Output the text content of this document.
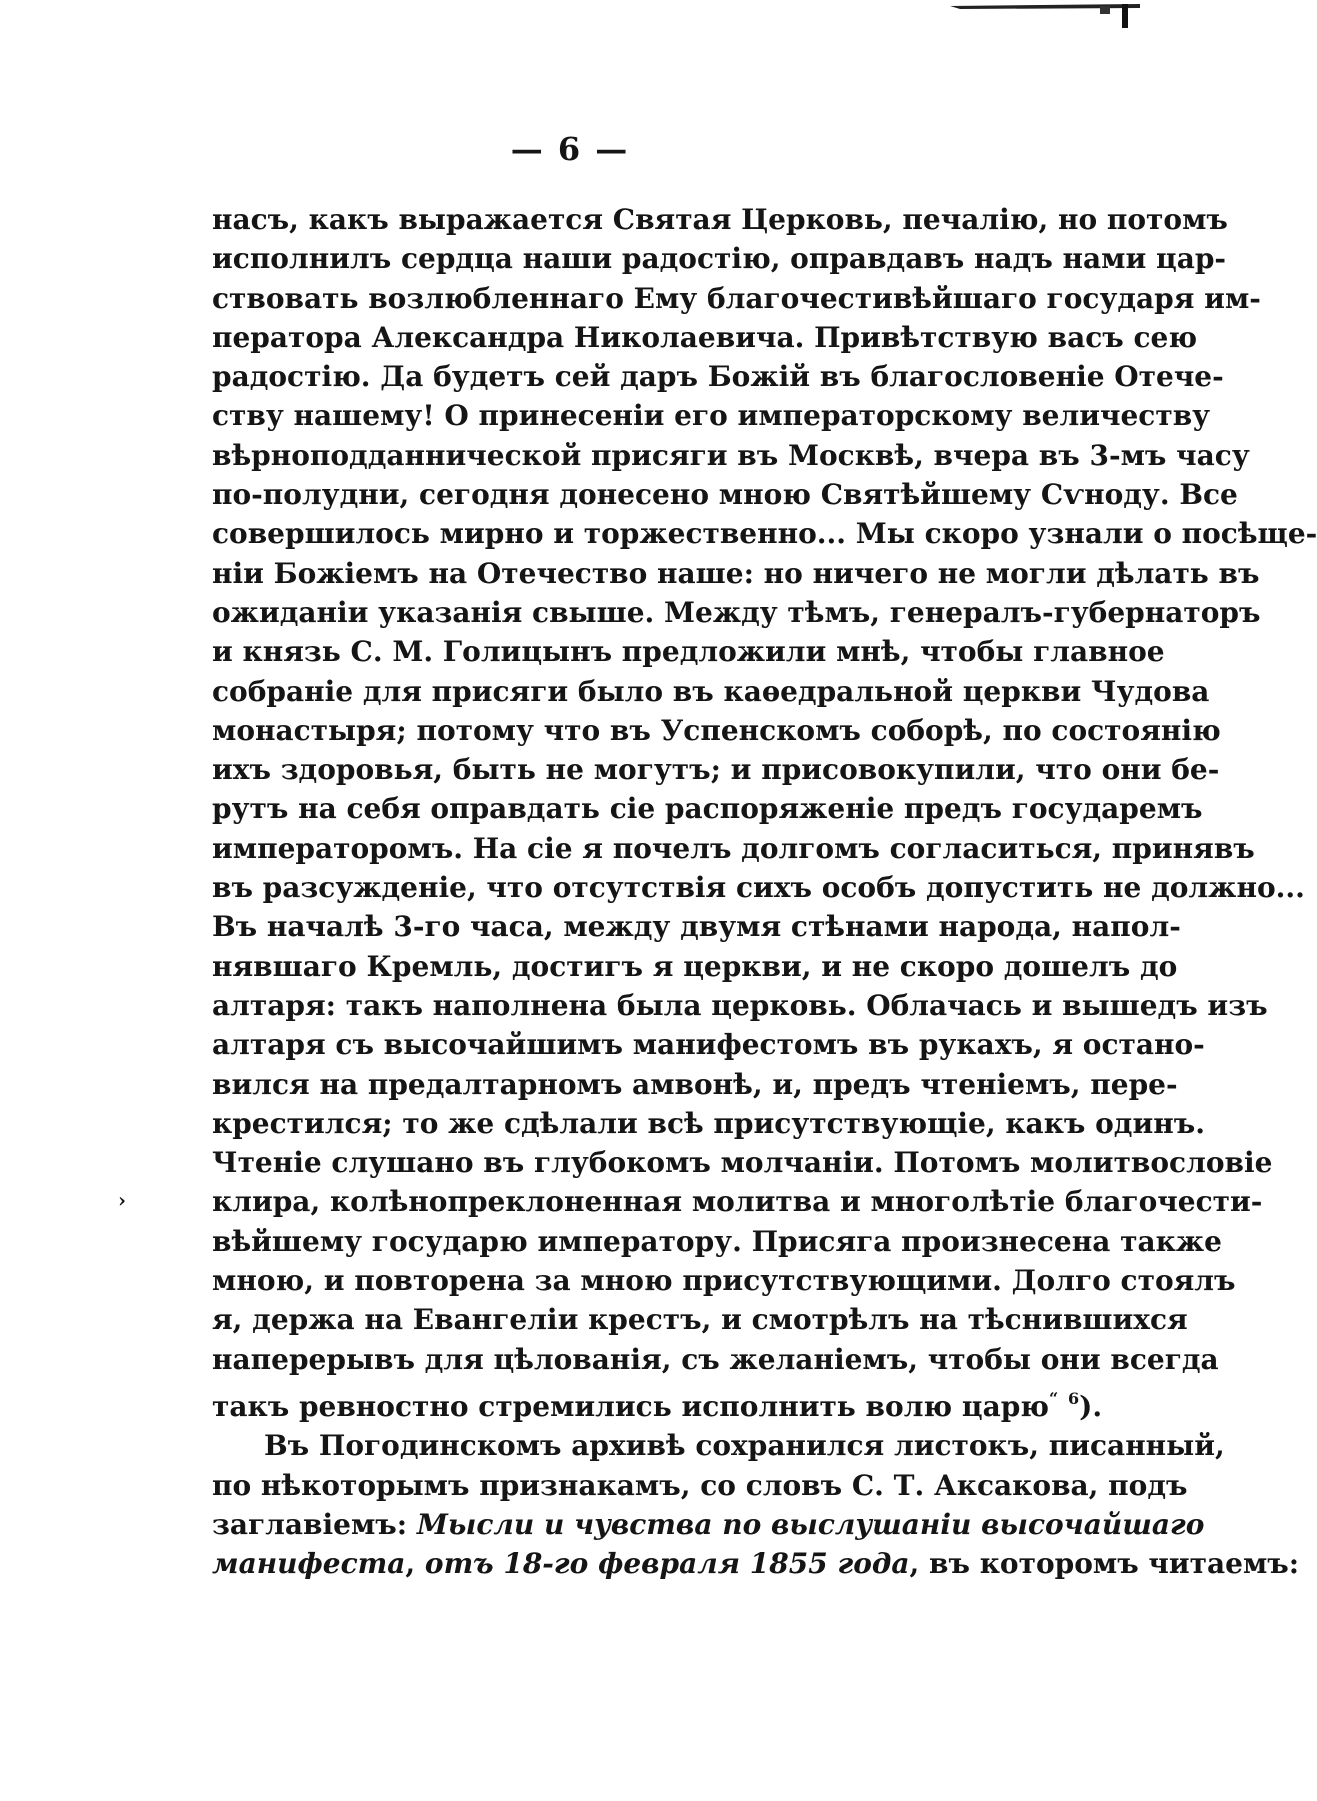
— 6 —
›
насъ, какъ выражается Святая Церковь, печалію, но потомъ
исполнилъ сердца наши радостію, оправдавъ надъ нами цар-
ствовать возлюбленнаго Ему благочестивѣйшаго государя им-
ператора Александра Николаевича. Привѣтствую васъ сею
радостію. Да будетъ сей даръ Божій въ благословеніе Отече-
ству нашему! О принесеніи его императорскому величеству
вѣрноподданнической присяги въ Москвѣ, вчера въ 3-мъ часу
по-полудни, сегодня донесено мною Святѣйшему Сѵноду. Все
совершилось мирно и торжественно... Мы скоро узнали о посѣще-
ніи Божіемъ на Отечество наше: но ничего не могли дѣлать въ
ожиданіи указанія свыше. Между тѣмъ, генералъ-губернаторъ
и князь С. М. Голицынъ предложили мнѣ, чтобы главное
собраніе для присяги было въ каѳедральной церкви Чудова
монастыря; потому что въ Успенскомъ соборѣ, по состоянію
ихъ здоровья, быть не могутъ; и присовокупили, что они бе-
рутъ на себя оправдать сіе распоряженіе предъ государемъ
императоромъ. На сіе я почелъ долгомъ согласиться, принявъ
въ разсужденіе, что отсутствія сихъ особъ допустить не должно...
Въ началѣ 3-го часа, между двумя стѣнами народа, напол-
нявшаго Кремль, достигъ я церкви, и не скоро дошелъ до
алтаря: такъ наполнена была церковь. Облачась и вышедъ изъ
алтаря съ высочайшимъ манифестомъ въ рукахъ, я остано-
вился на предалтарномъ амвонѣ, и, предъ чтеніемъ, пере-
крестился; то же сдѣлали всѣ присутствующіе, какъ одинъ.
Чтеніе слушано въ глубокомъ молчаніи. Потомъ молитвословіе
клира, колѣнопреклоненная молитва и многолѣтіе благочести-
вѣйшему государю императору. Присяга произнесена также
мною, и повторена за мною присутствующими. Долго стоялъ
я, держа на Евангеліи крестъ, и смотрѣлъ на тѣснившихся
наперерывъ для цѣлованія, съ желаніемъ, чтобы они всегда
такъ ревностно стремились исполнить волю царю“ $^6$).
Въ Погодинскомъ архивѣ сохранился листокъ, писанный,
по нѣкоторымъ признакамъ, со словъ С. Т. Аксакова, подъ
заглавіемъ: Мысли и чувства по выслушаніи высочайшаго
манифеста, отъ 18-го февраля 1855 года, въ которомъ читаемъ:
